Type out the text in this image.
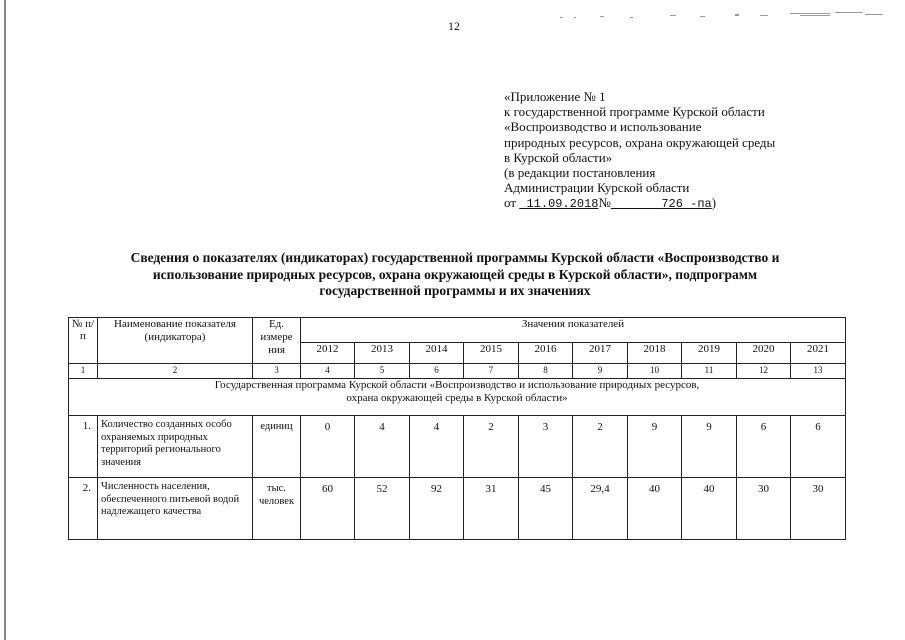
12
«Приложение № 1
к государственной программе Курской области
«Воспроизводство и использование
природных ресурсов, охрана окружающей среды
в Курской области»
(в редакции постановления
Администрации Курской области
от 11.09.2018№	726 -па)
Сведения о показателях (индикаторах) государственной программы Курской области «Воспроизводство и
использование природных ресурсов, охрана окружающей среды в Курской области», подпрограмм
государственной программы и их значениях
№ п/п	Наименование показателя (индикатора)	Ед. измере ния	Значения показателей									
			2012	2013	2014	2015	2016	2017	2018	2019	2020	2021
1	2	3	4	5	6	7	8	9	10	11	12	13

Государственная программа Курской области «Воспроизводство и использование природных ресурсов,
охрана окружающей среды в Курской области»												

1.	Количество созданных особо охраняемых природных территорий регионального значения	единиц	0	4	4	2	3	2	9	9	6	6
2.	Численность населения, обеспеченного питьевой водой надлежащего качества	тыс. человек	60	52	92	31	45	29,4	40	40	30	30
